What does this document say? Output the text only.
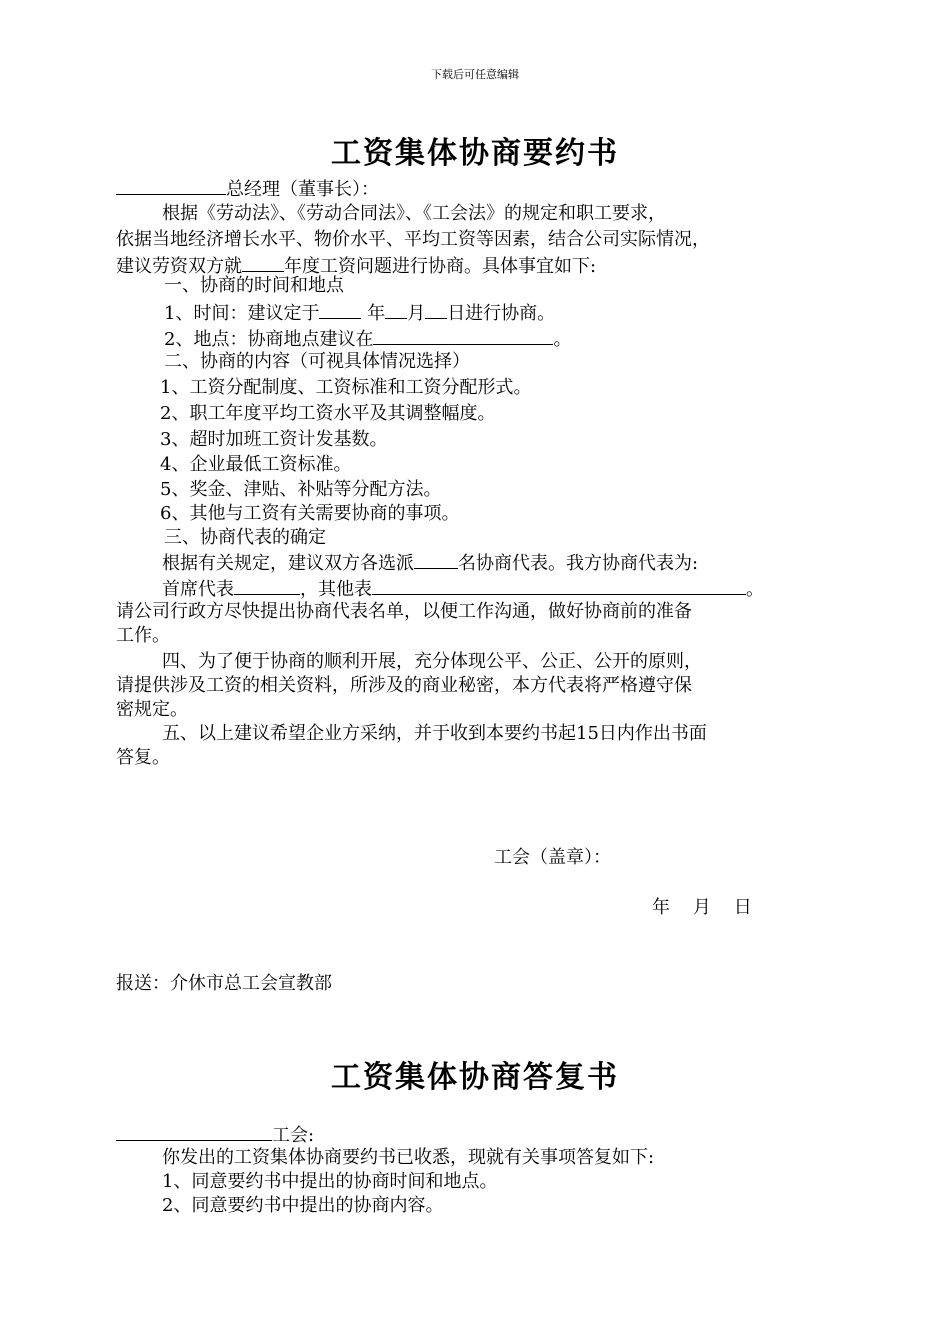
下载后可任意编辑
工资集体协商要约书
总经理（董事长）：
根据《劳动法》、《劳动合同法》、《工会法》的规定和职工要求，
依据当地经济增长水平、物价水平、平均工资等因素，结合公司实际情况，
建议劳资双方就 年度工资问题进行协商。具体事宜如下:
一、协商的时间和地点
1、时间：建议定于	年 月 日进行协商。
2、地点：协商地点建议在	。
二、协商的内容（可视具体情况选择）
1、工资分配制度、工资标准和工资分配形式。
2、职工年度平均工资水平及其调整幅度。
3、超时加班工资计发基数。
4、企业最低工资标准。
5、奖金、津贴、补贴等分配方法。
6、其他与工资有关需要协商的事项。
三、协商代表的确定
根据有关规定，建议双方各选派 名协商代表。我方协商代表为:
首席代表	，其他表	。
请公司行政方尽快提出协商代表名单，以便工作沟通，做好协商前的准备
工作。
四、为了便于协商的顺利开展，充分体现公平、公正、公开的原则，
请提供涉及工资的相关资料，所涉及的商业秘密，本方代表将严格遵守保
密规定。
五、以上建议希望企业方采纳，并于收到本要约书起15日内作出书面
答复。
工会（盖章）：
年 月 日
报送：介休市总工会宣教部
工资集体协商答复书
工会:
你发出的工资集体协商要约书已收悉，现就有关事项答复如下:
1、同意要约书中提出的协商时间和地点。
2、同意要约书中提出的协商内容。
